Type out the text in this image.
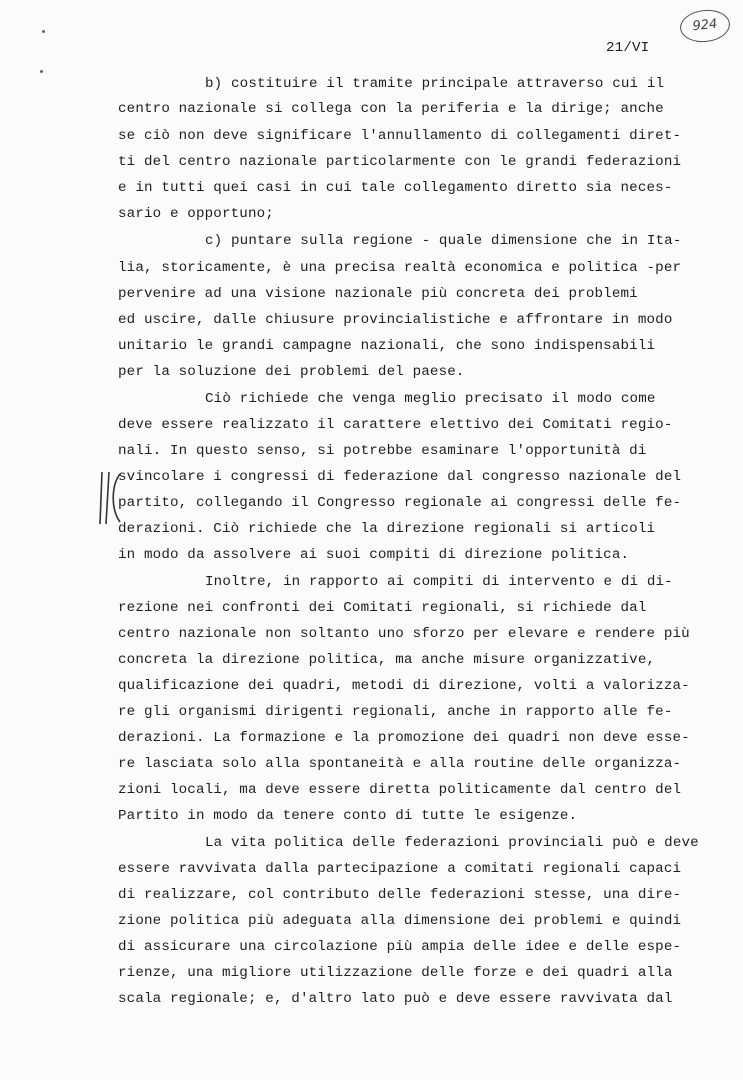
924
21/VI
b) costituire il tramite principale attraverso cui il
centro nazionale si collega con la periferia e la dirige; anche
se ciò non deve significare l'annullamento di collegamenti diret-
ti del centro nazionale particolarmente con le grandi federazioni
e in tutti quei casi in cui tale collegamento diretto sia neces-
sario e opportuno;
c) puntare sulla regione - quale dimensione che in Ita-
lia, storicamente, è una precisa realtà economica e politica -per
pervenire ad una visione nazionale più concreta dei problemi
ed uscire, dalle chiusure provincialistiche e affrontare in modo
unitario le grandi campagne nazionali, che sono indispensabili
per la soluzione dei problemi del paese.
Ciò richiede che venga meglio precisato il modo come
deve essere realizzato il carattere elettivo dei Comitati regio-
nali. In questo senso, si potrebbe esaminare l'opportunità di
svincolare i congressi di federazione dal congresso nazionale del
partito, collegando il Congresso regionale ai congressi delle fe-
derazioni. Ciò richiede che la direzione regionali si articoli
in modo da assolvere ai suoi compiti di direzione politica.
Inoltre, in rapporto ai compiti di intervento e di di-
rezione nei confronti dei Comitati regionali, si richiede dal
centro nazionale non soltanto uno sforzo per elevare e rendere più
concreta la direzione politica, ma anche misure organizzative,
qualificazione dei quadri, metodi di direzione, volti a valorizza-
re gli organismi dirigenti regionali, anche in rapporto alle fe-
derazioni. La formazione e la promozione dei quadri non deve esse-
re lasciata solo alla spontaneità e alla routine delle organizza-
zioni locali, ma deve essere diretta politicamente dal centro del
Partito in modo da tenere conto di tutte le esigenze.
La vita politica delle federazioni provinciali può e deve
essere ravvivata dalla partecipazione a comitati regionali capaci
di realizzare, col contributo delle federazioni stesse, una dire-
zione politica più adeguata alla dimensione dei problemi e quindi
di assicurare una circolazione più ampia delle idee e delle espe-
rienze, una migliore utilizzazione delle forze e dei quadri alla
scala regionale; e, d'altro lato può e deve essere ravvivata dal
